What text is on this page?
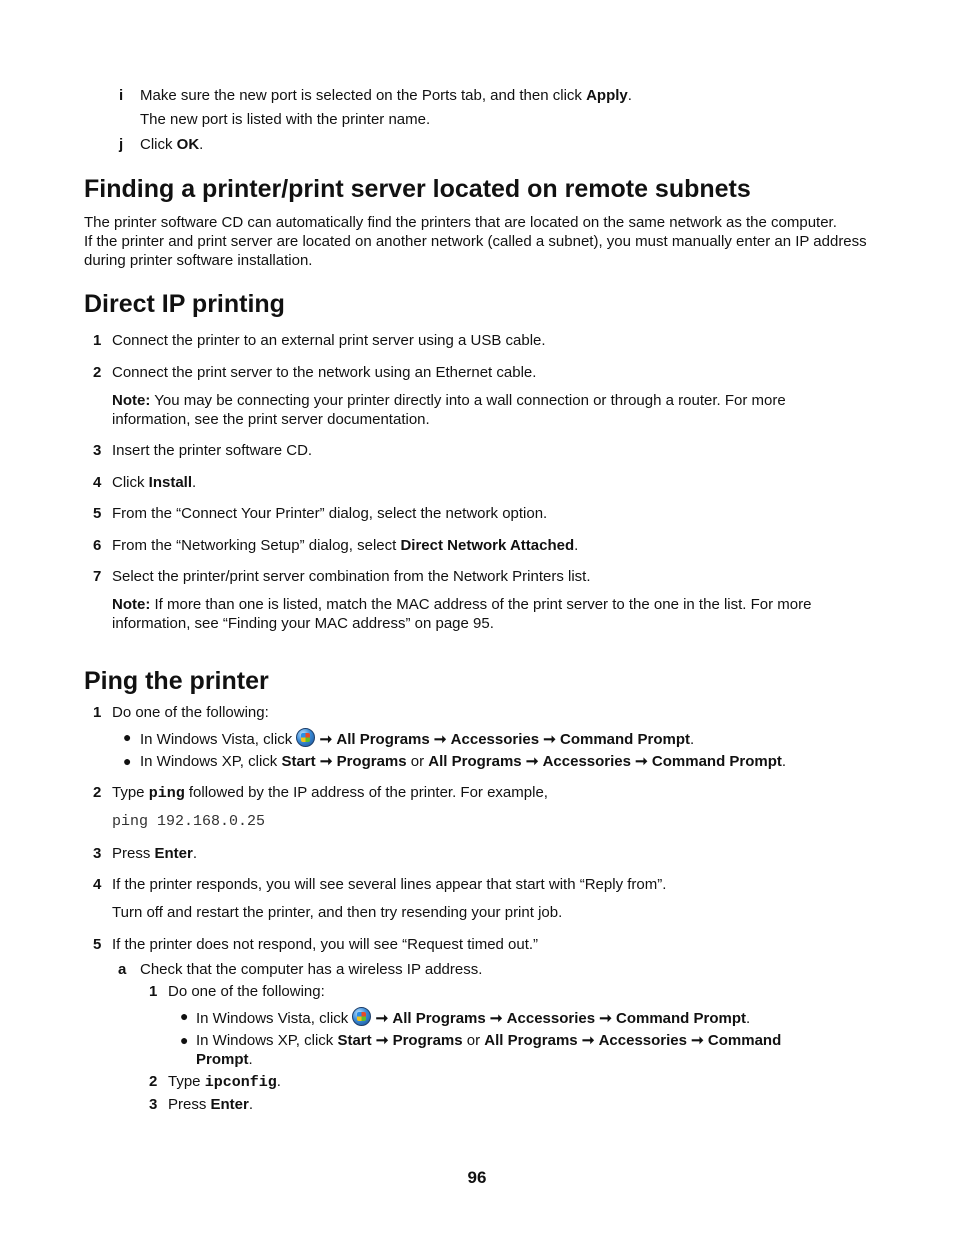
i Make sure the new port is selected on the Ports tab, and then click Apply.
The new port is listed with the printer name.
j Click OK.
Finding a printer/print server located on remote subnets
The printer software CD can automatically find the printers that are located on the same network as the computer.
If the printer and print server are located on another network (called a subnet), you must manually enter an IP address
during printer software installation.
Direct IP printing
1 Connect the printer to an external print server using a USB cable.
2 Connect the print server to the network using an Ethernet cable.
Note: You may be connecting your printer directly into a wall connection or through a router. For more
information, see the print server documentation.
3 Insert the printer software CD.
4 Click Install.
5 From the “Connect Your Printer” dialog, select the network option.
6 From the “Networking Setup” dialog, select Direct Network Attached.
7 Select the printer/print server combination from the Network Printers list.
Note: If more than one is listed, match the MAC address of the print server to the one in the list. For more
information, see “Finding your MAC address” on page 95.
Ping the printer
1 Do one of the following:
● In Windows Vista, click  ➞ All Programs ➞ Accessories ➞ Command Prompt.
● In Windows XP, click Start ➞ Programs or All Programs ➞ Accessories ➞ Command Prompt.
2 Type ping followed by the IP address of the printer. For example,
ping 192.168.0.25
3 Press Enter.
4 If the printer responds, you will see several lines appear that start with “Reply from”.
Turn off and restart the printer, and then try resending your print job.
5 If the printer does not respond, you will see “Request timed out.”
a Check that the computer has a wireless IP address.
1 Do one of the following:
● In Windows Vista, click  ➞ All Programs ➞ Accessories ➞ Command Prompt.
● In Windows XP, click Start ➞ Programs or All Programs ➞ Accessories ➞ Command
Prompt.
2 Type ipconfig.
3 Press Enter.
96
